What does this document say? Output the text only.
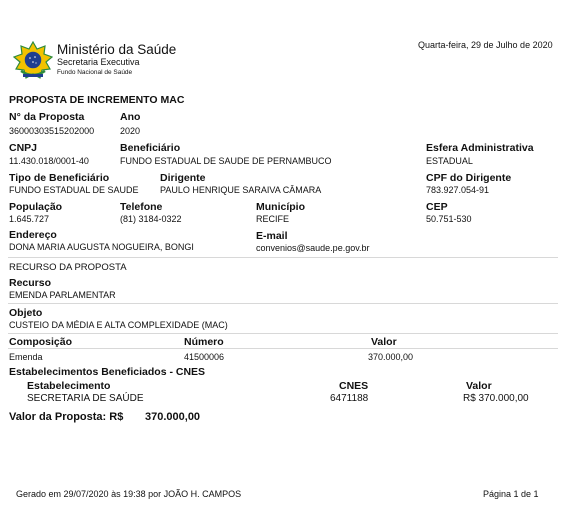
Ministério da Saúde
Secretaria Executiva
Fundo Nacional de Saúde
Quarta-feira, 29 de Julho de 2020
PROPOSTA DE INCREMENTO MAC
N° da Proposta
36000303515202000
Ano
2020
CNPJ
11.430.018/0001-40
Beneficiário
FUNDO ESTADUAL DE SAUDE DE PERNAMBUCO
Esfera Administrativa
ESTADUAL
Tipo de Beneficiário
FUNDO ESTADUAL DE SAUDE
Dirigente
PAULO HENRIQUE SARAIVA CÂMARA
CPF do Dirigente
783.927.054-91
População
1.645.727
Telefone
(81) 3184-0322
Município
RECIFE
CEP
50.751-530
Endereço
DONA MARIA AUGUSTA NOGUEIRA, BONGI
E-mail
convenios@saude.pe.gov.br
RECURSO DA PROPOSTA
Recurso
EMENDA PARLAMENTAR
Objeto
CUSTEIO DA MÉDIA E ALTA COMPLEXIDADE (MAC)
Composição	Número	Valor
Emenda	41500006	370.000,00
Estabelecimentos Beneficiados - CNES
Estabelecimento	CNES	Valor
SECRETARIA DE SAÚDE	6471188	R$ 370.000,00
Valor da Proposta: R$ 370.000,00
Gerado em 29/07/2020 às 19:38 por JOÃO H. CAMPOS	Página 1 de 1
